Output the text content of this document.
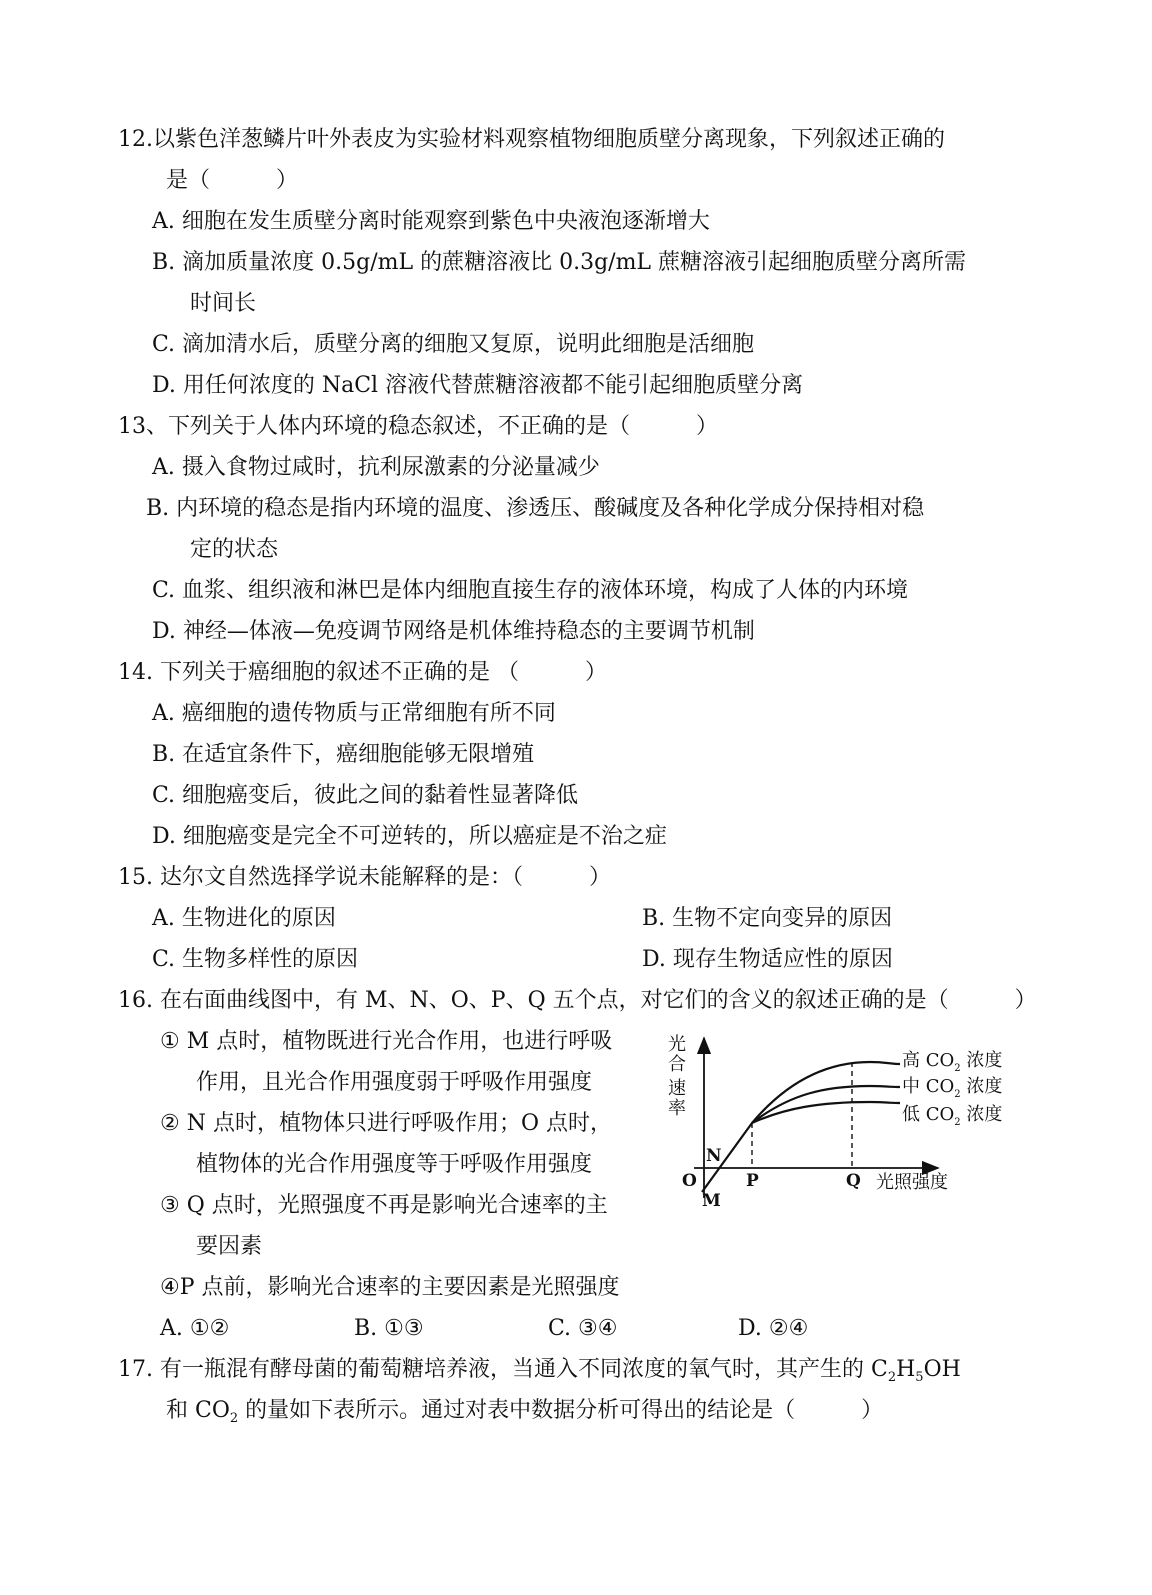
12.以紫色洋葱鳞片叶外表皮为实验材料观察植物细胞质壁分离现象，下列叙述正确的
是（　　　）
A. 细胞在发生质壁分离时能观察到紫色中央液泡逐渐增大
B. 滴加质量浓度 0.5g/mL 的蔗糖溶液比 0.3g/mL 蔗糖溶液引起细胞质壁分离所需
时间长
C. 滴加清水后，质壁分离的细胞又复原，说明此细胞是活细胞
D. 用任何浓度的 NaCl 溶液代替蔗糖溶液都不能引起细胞质壁分离
13、下列关于人体内环境的稳态叙述，不正确的是（　　　）
A. 摄入食物过咸时，抗利尿激素的分泌量减少
B. 内环境的稳态是指内环境的温度、渗透压、酸碱度及各种化学成分保持相对稳
定的状态
C. 血浆、组织液和淋巴是体内细胞直接生存的液体环境，构成了人体的内环境
D. 神经—体液—免疫调节网络是机体维持稳态的主要调节机制
14. 下列关于癌细胞的叙述不正确的是 （　　　）
A. 癌细胞的遗传物质与正常细胞有所不同
B. 在适宜条件下，癌细胞能够无限增殖
C. 细胞癌变后，彼此之间的黏着性显著降低
D. 细胞癌变是完全不可逆转的，所以癌症是不治之症
15. 达尔文自然选择学说未能解释的是：（　　　）
A. 生物进化的原因	B. 生物不定向变异的原因
C. 生物多样性的原因	D. 现存生物适应性的原因
16. 在右面曲线图中，有 M、N、O、P、Q 五个点，对它们的含义的叙述正确的是（　　　）
① M 点时，植物既进行光合作用，也进行呼吸
作用，且光合作用强度弱于呼吸作用强度
② N 点时，植物体只进行呼吸作用；O 点时，
植物体的光合作用强度等于呼吸作用强度
③ Q 点时，光照强度不再是影响光合速率的主
要因素
④P 点前，影响光合速率的主要因素是光照强度
A. ①②	B. ①③	C. ③④	D. ②④
光
合
速
率
O
N
M
P	Q 光照强度
高 $CO_2$ 浓度
中 $CO_2$ 浓度
低 $CO_2$ 浓度
17. 有一瓶混有酵母菌的葡萄糖培养液，当通入不同浓度的氧气时，其产生的 $C_2H_5OH$
和 $CO_2$ 的量如下表所示。通过对表中数据分析可得出的结论是（　　　）
